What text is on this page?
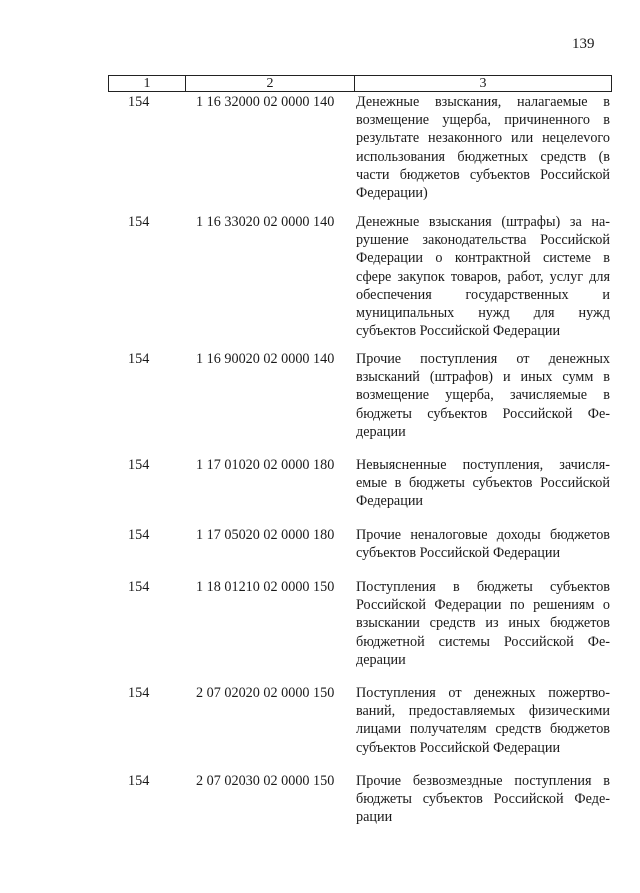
139
1	2	3
154	1 16 32000 02 0000 140	Денежные взыскания, налагаемые в возмещение ущерба, причиненного в результате незаконного или нецелеvого использования бюджетных средств (в части бюджетов субъектов Российской Федерации)
154	1 16 33020 02 0000 140	Денежные взыскания (штрафы) за нарушение законодательства Российской Федерации о контрактной системе в сфере закупок товаров, работ, услуг для обеспечения государственных и муниципальных нужд для нужд субъектов Российской Федерации
154	1 16 90020 02 0000 140	Прочие поступления от денежных взысканий (штрафов) и иных сумм в возмещение ущерба, зачисляемые в бюджеты субъектов Российской Федерации
154	1 17 01020 02 0000 180	Невыясненные поступления, зачисляемые в бюджеты субъектов Российской Федерации
154	1 17 05020 02 0000 180	Прочие неналоговые доходы бюджетов субъектов Российской Федерации
154	1 18 01210 02 0000 150	Поступления в бюджеты субъектов Российской Федерации по решениям о взыскании средств из иных бюджетов бюджетной системы Российской Федерации
154	2 07 02020 02 0000 150	Поступления от денежных пожертвований, предоставляемых физическими лицами получателям средств бюджетов субъектов Российской Федерации
154	2 07 02030 02 0000 150	Прочие безвозмездные поступления в бюджеты субъектов Российской Федерации
